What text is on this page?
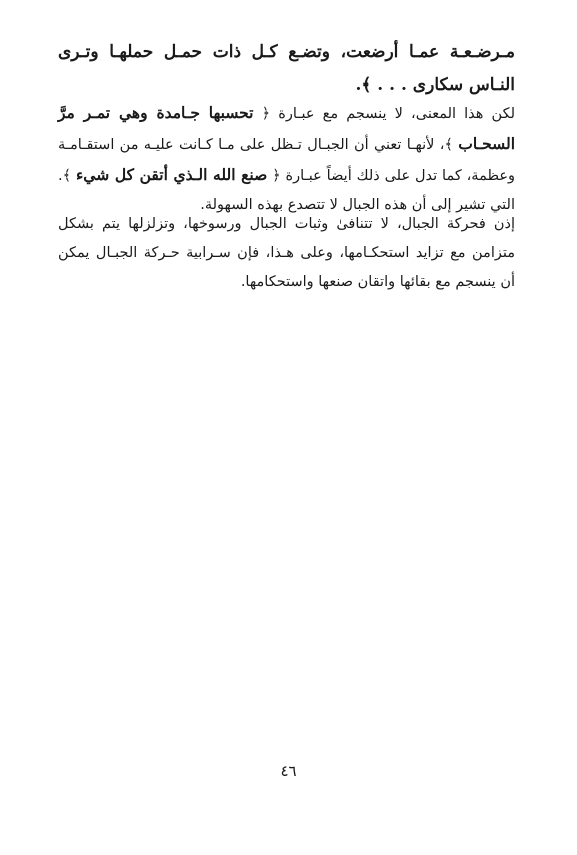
مـرضـعـة عمـا أرضعت، وتضـع كـل ذات حمـل حملهـا وتـرى النـاس سكارى . . . ﴾.

لكن هذا المعنى، لا ينسجم مع عبـارة ﴿ تحسبها جـامدة وهي تمـر مرَّ السحـاب ﴾، لأنهـا تعني أن الجبـال تـظل على مـا كـانت عليـه من استقـامـة وعظمة، كما تدل على ذلك أيضاً عبـارة ﴿ صنع الله الـذي أتقن كل شيء ﴾. التي تشير إلى أن هذه الجبال لا تتصدع بهذه السهولة.

إذن فحركة الجبال، لا تتنافىٰ وثبات الجبال ورسوخها، وتزلزلها يتم بشكل متزامن مع تزايد استحكـامها، وعلى هـذا، فإن سـرابية حـركة الجبـال يمكن أن ينسجم مع بقائها واتقان صنعها واستحكامها.

٤٦
